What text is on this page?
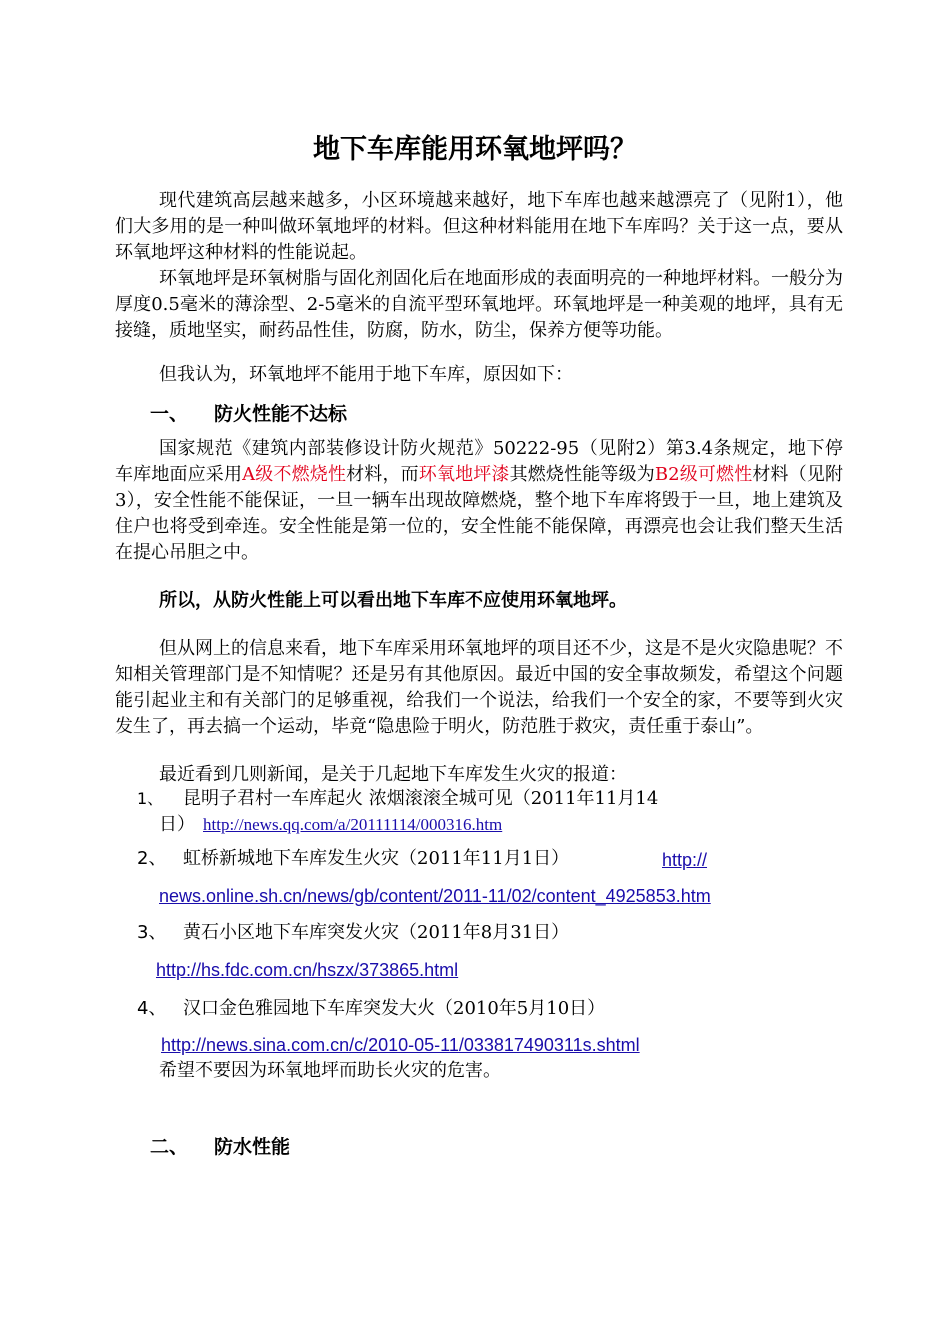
地下车库能用环氧地坪吗？

现代建筑高层越来越多，小区环境越来越好，地下车库也越来越漂亮了（见附1），他们大多用的是一种叫做环氧地坪的材料。但这种材料能用在地下车库吗？关于这一点，要从环氧地坪这种材料的性能说起。

环氧地坪是环氧树脂与固化剂固化后在地面形成的表面明亮的一种地坪材料。一般分为厚度0.5毫米的薄涂型、2-5毫米的自流平型环氧地坪。环氧地坪是一种美观的地坪，具有无接缝，质地坚实，耐药品性佳，防腐，防水，防尘，保养方便等功能。

但我认为，环氧地坪不能用于地下车库，原因如下：

一、 防火性能不达标

国家规范《建筑内部装修设计防火规范》50222-95（见附2）第3.4条规定，地下停车库地面应采用A级不燃烧性材料，而环氧地坪漆其燃烧性能等级为B2级可燃性材料（见附3），安全性能不能保证，一旦一辆车出现故障燃烧，整个地下车库将毁于一旦，地上建筑及住户也将受到牵连。安全性能是第一位的，安全性能不能保障，再漂亮也会让我们整天生活在提心吊胆之中。

所以，从防火性能上可以看出地下车库不应使用环氧地坪。

但从网上的信息来看，地下车库采用环氧地坪的项目还不少，这是不是火灾隐患呢？不知相关管理部门是不知情呢？还是另有其他原因。最近中国的安全事故频发，希望这个问题能引起业主和有关部门的足够重视，给我们一个说法，给我们一个安全的家，不要等到火灾发生了，再去搞一个运动，毕竟“隐患险于明火，防范胜于救灾，责任重于泰山”。

最近看到几则新闻，是关于几起地下车库发生火灾的报道：

1、 昆明子君村一车库起火 浓烟滚滚全城可见（2011年11月14
日） http://news.qq.com/a/20111114/000316.htm
2、 虹桥新城地下车库发生火灾（2011年11月1日）	http://
news.online.sh.cn/news/gb/content/2011-11/02/content_4925853.htm
3、 黄石小区地下车库突发火灾（2011年8月31日）
http://hs.fdc.com.cn/hszx/373865.html
4、 汉口金色雅园地下车库突发大火（2010年5月10日）
http://news.sina.com.cn/c/2010-05-11/033817490311s.shtml
希望不要因为环氧地坪而助长火灾的危害。
二、 防水性能
